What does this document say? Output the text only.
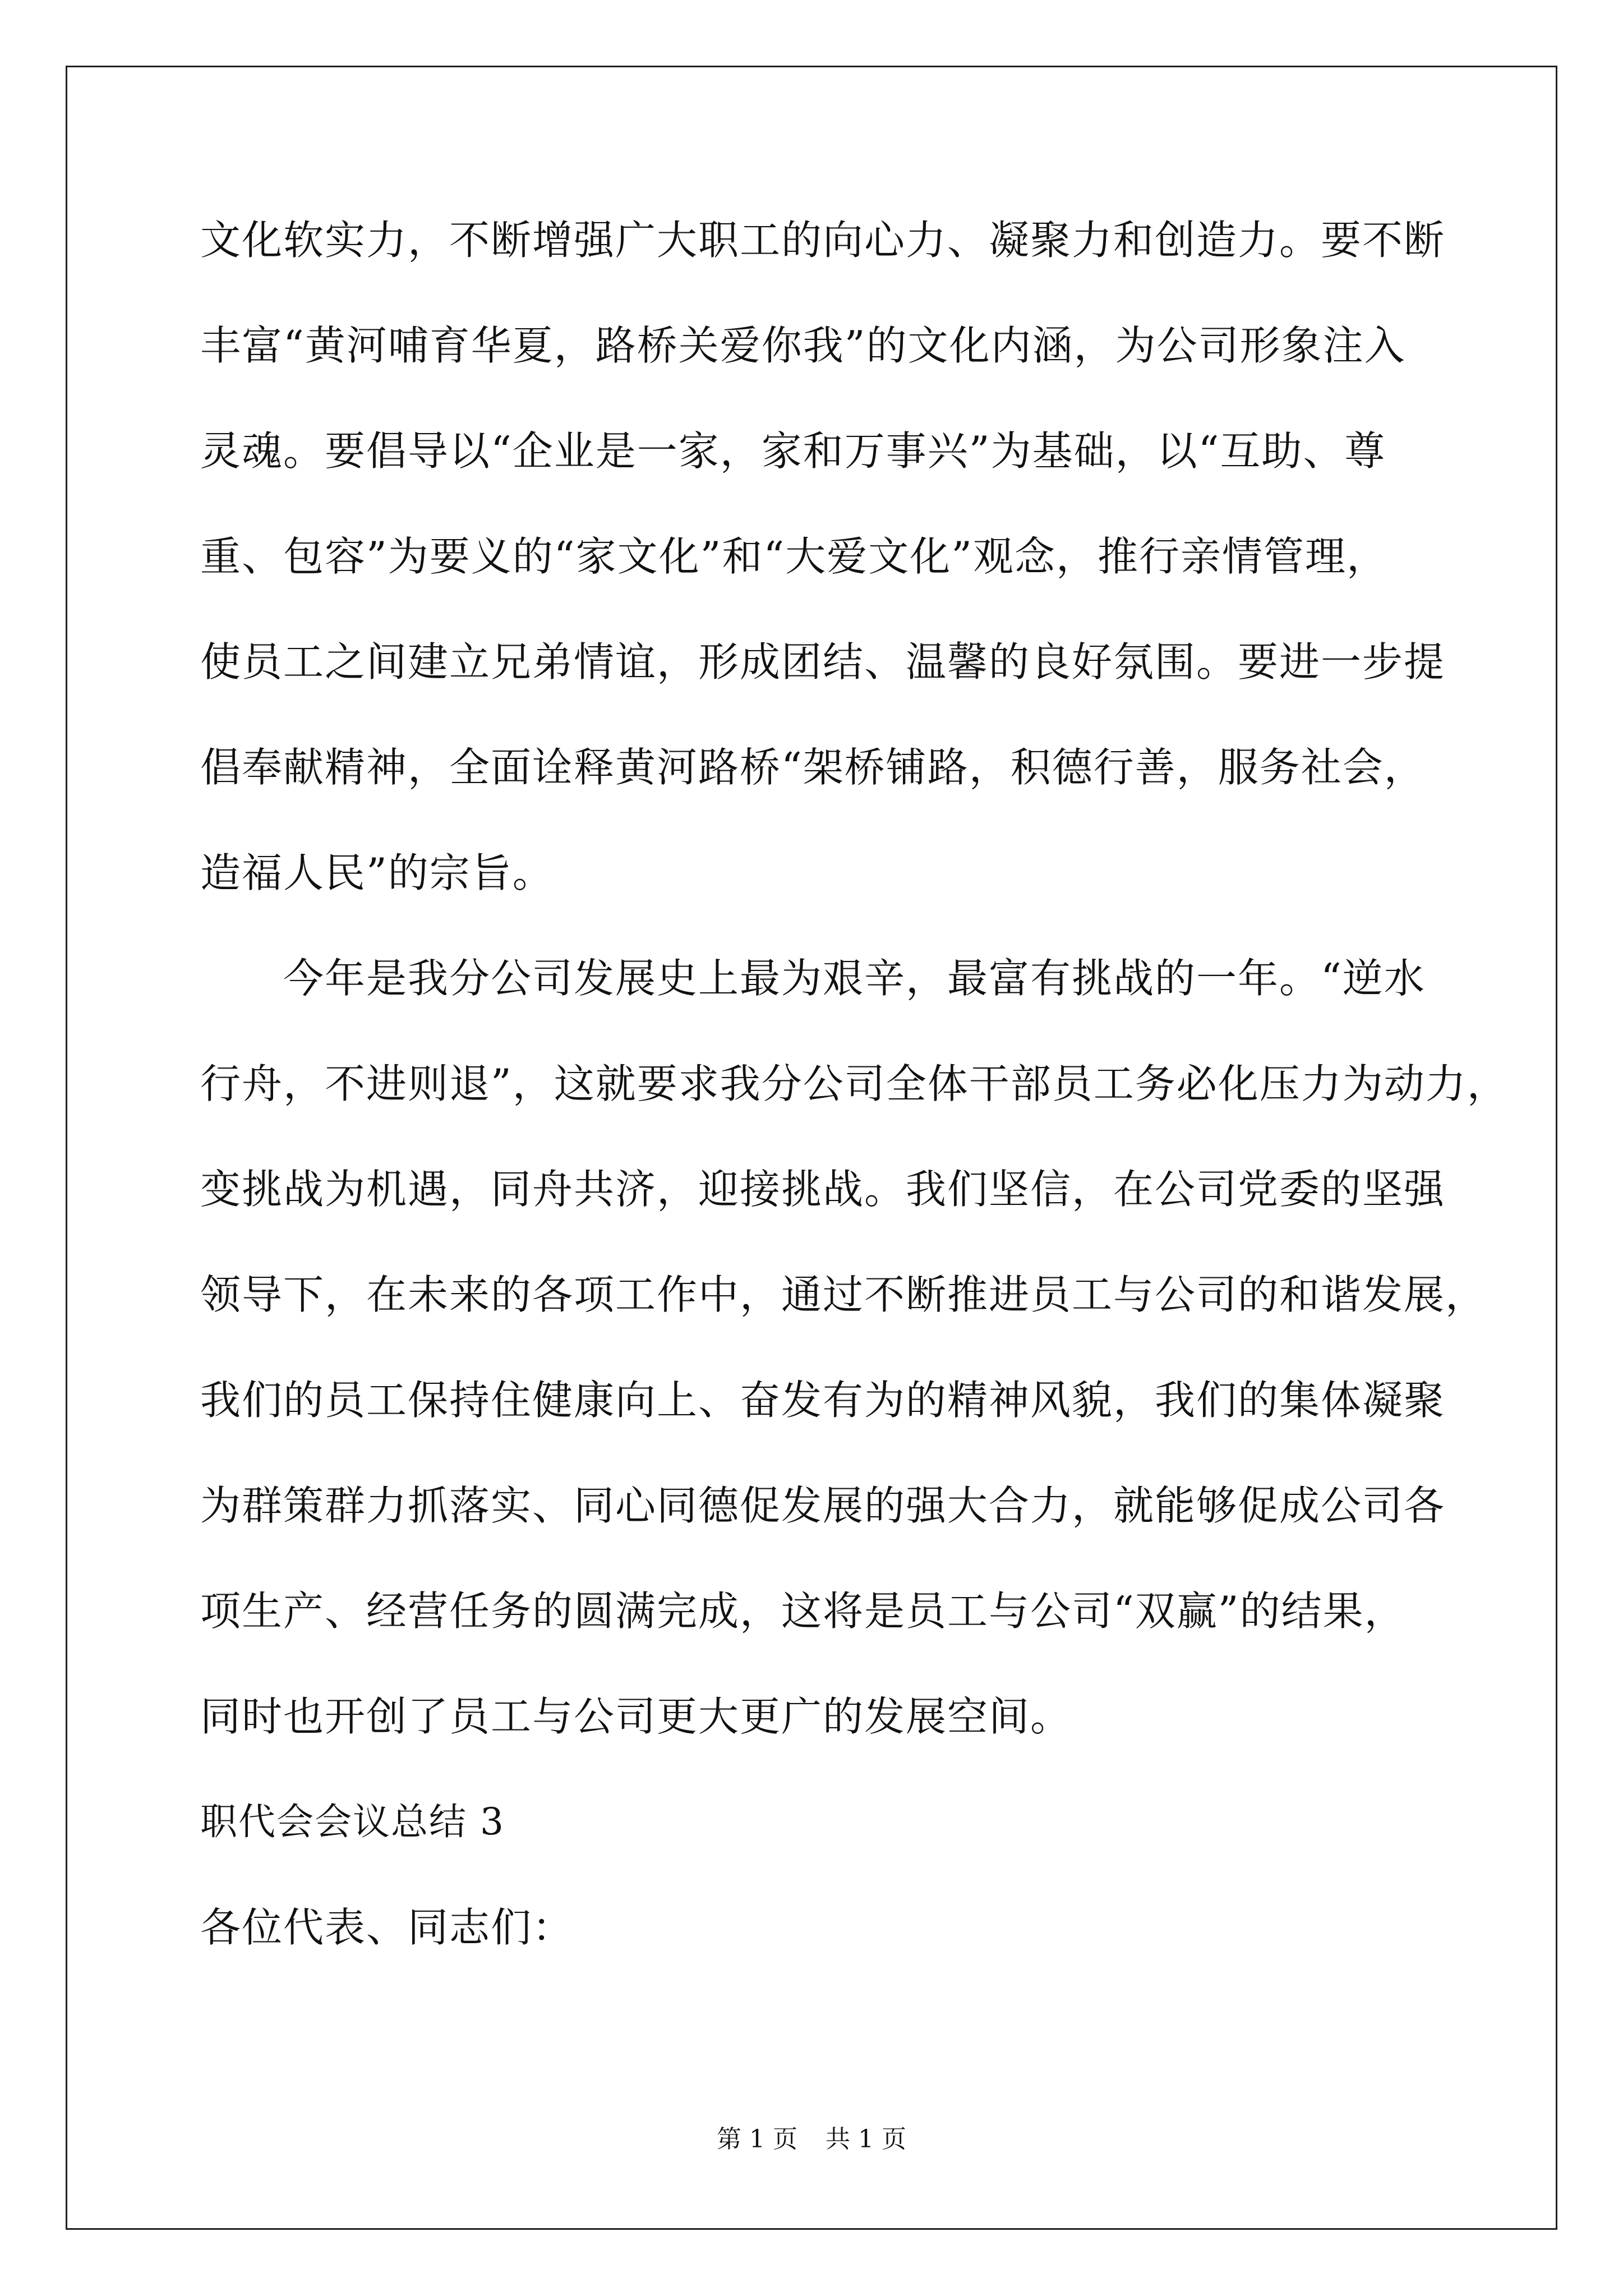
文化软实力，不断增强广大职工的向心力、凝聚力和创造力。要不断
丰富“黄河哺育华夏，路桥关爱你我”的文化内涵，为公司形象注入
灵魂。要倡导以“企业是一家，家和万事兴”为基础，以“互助、尊
重、包容”为要义的“家文化”和“大爱文化”观念，推行亲情管理，
使员工之间建立兄弟情谊，形成团结、温馨的良好氛围。要进一步提
倡奉献精神，全面诠释黄河路桥“架桥铺路，积德行善，服务社会，
造福人民”的宗旨。
　　今年是我分公司发展史上最为艰辛，最富有挑战的一年。“逆水
行舟，不进则退”，这就要求我分公司全体干部员工务必化压力为动力，
变挑战为机遇，同舟共济，迎接挑战。我们坚信，在公司党委的坚强
领导下，在未来的各项工作中，通过不断推进员工与公司的和谐发展，
我们的员工保持住健康向上、奋发有为的精神风貌，我们的集体凝聚
为群策群力抓落实、同心同德促发展的强大合力，就能够促成公司各
项生产、经营任务的圆满完成，这将是员工与公司“双赢”的结果，
同时也开创了员工与公司更大更广的发展空间。
职代会会议总结 3
各位代表、同志们：
第 1 页 共 1 页
